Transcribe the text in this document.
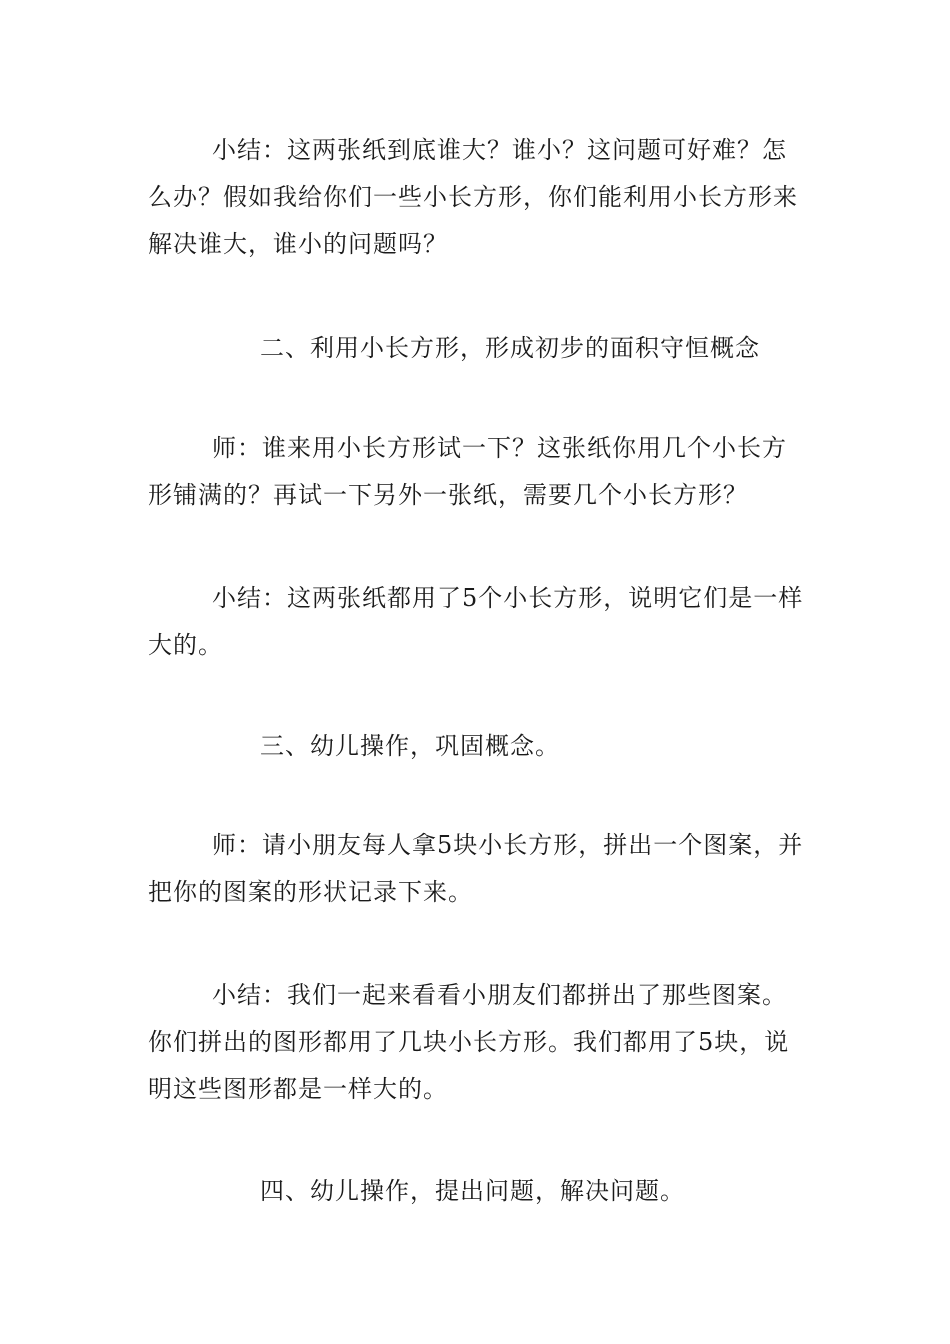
小结：这两张纸到底谁大？谁小？这问题可好难？怎么办？假如我给你们一些小长方形，你们能利用小长方形来解决谁大，谁小的问题吗？

二、利用小长方形，形成初步的面积守恒概念

师：谁来用小长方形试一下？这张纸你用几个小长方形铺满的？再试一下另外一张纸，需要几个小长方形？

小结：这两张纸都用了5个小长方形，说明它们是一样大的。

三、幼儿操作，巩固概念。

师：请小朋友每人拿5块小长方形，拼出一个图案，并把你的图案的形状记录下来。

小结：我们一起来看看小朋友们都拼出了那些图案。你们拼出的图形都用了几块小长方形。我们都用了5块，说明这些图形都是一样大的。

四、幼儿操作，提出问题，解决问题。
